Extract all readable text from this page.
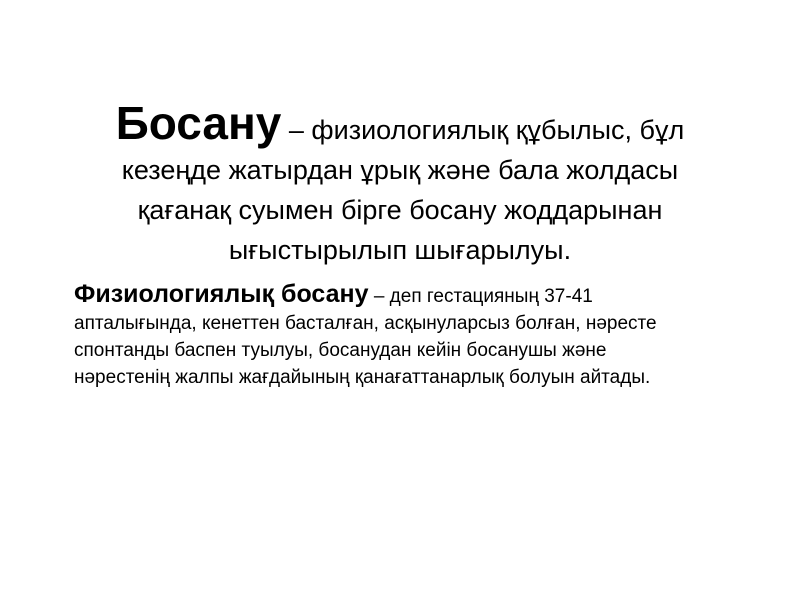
Босану – физиологиялық құбылыс, бұл
кезеңде жатырдан ұрық және бала жолдасы
қағанақ суымен бірге босану жоддарынан
ығыстырылып шығарылуы.
Физиологиялық босану – деп гестацияның 37-41
апталығында, кенеттен басталған, асқынуларсыз болған, нәресте
спонтанды баспен туылуы, босанудан кейін босанушы және
нәрестенің жалпы жағдайының қанағаттанарлық болуын айтады.
